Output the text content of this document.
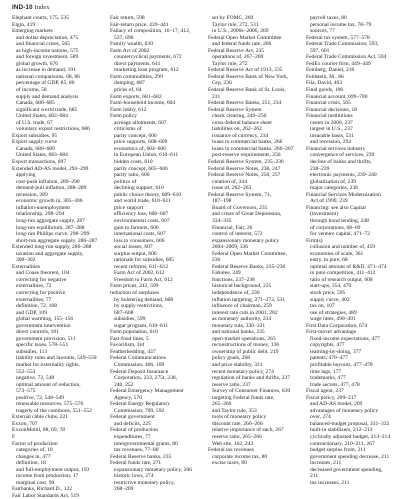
IND-10 Index
Elephant courts, 175, 535
Elgin, 419
Emerging markets
and dollar depreciation, 475
and financial crises, 565
as high-income nations, 575
and foreign investment, 589
global growth, 676
as increase in demand, 191
national comparisons, 68, 86
percentage of GDP, 85, 86
of income, 58
supply and demand analysis
Canada, 686–685
significant world trade, 685
United States, 682–684
of U.S. trade, 67
voluntary export restrictions, 686
Export subsidies, 95
Export supply curve
Canada, 686–689
United States, 683–684
Export transactions, 697
Extended AD-AS model, 293–299
applying
cost-push inflation, 289–290
demand-pull inflation, 288–289
recession, 289
economic growth in, 305–306
inflation-unemployment
relationship, 298–294
long-run aggregate supply, 287
long-run equilibrium, 287–288
long-run Phillips curve, 298–299
short-run aggregate supply, 286–287
Extended long-run supply, 286–288
taxation and aggregate supply,
300–302
Externalities
and Coase theorem, 104
correcting for negative
externalities, 72
correcting for positive
externalities, 77
definition, 72, 108
and GDP, 109
global warming, 155–156
government intervention
direct controls, 101
government provision, 511
specific taxes, 578–551
subsidies, 113
liability rules and lawsuits, 549–550
market for externality rights,
552–553
negative, 72, 548
optimal amount of reduction,
573–575
positive, 72, 548–549
renewable resources, 575–576
tragedy of the commons, 551–552
External cable clubs, 221
Exxon, 707
ExxonMobil, 88, 69, 78
F
Factor of production
categories of, 18
changes in, 477
definition, 18
and full-employment output, 193
income from production, 17
marginal cost, 90
Fairbanks, Richard D., 122
Fair Labor Standards Act, 519
Fair return, 598
Fair-return price, 439–441
Fallacy of composition, 16–17, 412,
537, 690
Family wealth, 630
Farm Act of 2002
countercyclical payments, 672
direct payments, 641
marketing loan program, 612
Farm commodities, 299
dumping, 687
prices of, 64
Farm exports, 681–682
Farm-household income, 604
Farm lobby, 612
Farm policy
acreage allotments, 607
criticisms of
parity concept, 606
price supports, 608–609
economics of, 604–606
in European Union, 610–611
hidden costs, 610
parity concept, 605–606
parity ratio, 606
politics of
declining support, 610
public choice theory, 609–610
and world trade, 610–611
price support
efficiency loss, 606–607
environmental costs, 607
gain to farmers, 606
international costs, 607
loss to consumers, 606
social losses, 607
surplus output, 606
rationale for subsidies, 605
recent reforms, 611–612
Farm Act of 2002, 612
Freedom to Farm Act, 612
Farm prices, 212, 599
reduction of surpluses
by bolstering demand, 608
by supply restrictions,
607–608
subsidies, 599
sugar program, 610–611
Farm population, 610
Fast-food lines, 5
Favoritism, 3rd
Featherbedding, 437
Federal Communications
Commission, 406, 109
Federal Deposit Insurance
Corporation, 233, 275t, 238,
240, 252
Federal Emergency Management
Agency, 570
Federal Energy Regulatory
Commission, 709, 592
Federal government
and deficits, 225
Federal of production
expenditures, 77
intergovernmental grants, 80
tax revenues, 77–80
Federal Reserve banks, 235
Federal funds rate, 271
expansionary monetary policy, 266
historic lows, 274
restrictive monetary policy,
268–269
set by FOMC, 269
Taylor rule, 272, 531
in U.S., 2000s–2006, 269
Federal Open Market Committee
and federal funds rate, 266
Federal Reserve Act, 235
operations of, 267–269
Taylor rule, 272
Federal Reserve Act of 1913, 235
Federal Reserve Bank of New York,
Grp, 236
Federal Reserve Bank of St. Louis,
231
Federal Reserve Banks, 251, 234
Federal Reserve System
check clearing, 249–250
cross-federal balance sheet
liabilities on, 262–262
issuance of currency, 234
loans to commercial banks, 266
loans to commercial banks, 266–267
post-reserve requirements, 256
Federal Reserve System, 235–236
Federal Reserve Notes, 238, 247
Federal Reserve Notes, 250, 257
creation of, 344
issue of, 262–263
Federal Reserve System, 71,
187–198
Board of Governors, 235
and crises of Great Depression,
334–335
Financial, Fair, 26
control of interest, 572
expansionary monetary policy
2004–2009, 336
Federal Open Market Committee,
236
Federal Reserve Banks, 235–236
Fabulee, 249
functions, 237–238
historical background, 235
independence of, 236
inflation targeting, 271–273, 531
influence of chairman, 259
interest rate cuts in 2001, 282
as monetary authority, 234
monetary rule, 330–331
and national banks, 235
open-market operations, 263
reconstructions of money, 136
ownership of public debt, 219
policy goals, 268
and price stability, 331
recent monetary policy, 274
regulation of banks and thrifts, 237
reserve ratio, 237
Survey of Consumer Finances, 630
targeting Federal funds rate,
265–266
and Taylor rule, 353
tools of monetary policy
discount rate, 266–266
relative importance of each, 267
reserve ratio, 265–266
Web site, 162, 243
Federal tax revenues
corporate income tax, 80
excise taxes, 80
payroll taxes, 80
personal income tax, 78–79
sources, 77
Federal tax system, 577–578
Federal Trade Commission, 593,
597, 601
Federal Trade Commission Act, 594
FedEx courier firm, 449–449
Feinberg, Daniel, 216
Feldstein, M., 86
Fila, David, 463
Final goods, 106
Financial account, 699–700
Financial crisis, 565
Financial decisions, 18
Financial institutions
center in 2006, 237
largest in U.S., 237
insurable basis, 531
and recession, 292
Financial services industry
convergence of services, 239
decline of banks and thrifts,
238–239
electronic payments, 239–240
globalization of, 239
major categories, 238
Financial Services Modernization
Act of 1999, 239
Financing: see also Capital
(investment)
through bond lending, 248
of corporations, 68–69
for venture capital, 471–72
Firm(s)
collusion and number of, 459
economies of scale, 361
entry, in pure, 68
optimal amount of R&D, 471–474
in pure competition, 411–412
ratio of research output, 608
start-ups, 354, 470
stock price, 595
supply curve, 402
tax on, 107
use of strategies, 489
wage rates, 490–491
First Data Corporation, 674
First-mover advantage
fixed-income expectations, 477
copyrights, 477
learning-by-doing, 377
patents, 476–477
profitable buyouts, 477–478
time lags, 177
trademarks, 477
trade secrets, 477, 478
Fiscal agent, 237
Fiscal policy, 209–217
and AD-AS model, 209
advantages of monetary policy
over, 274
balanced-budget proposal, 331–332
built-in stabilizers, 212–213
cyclically adjusted budget, 214–214
contractionary, 210–211, 267
budget surplus from, 211
government spending decrease, 211
increases, 211
decreased government spending,
211
tax increases, 211
